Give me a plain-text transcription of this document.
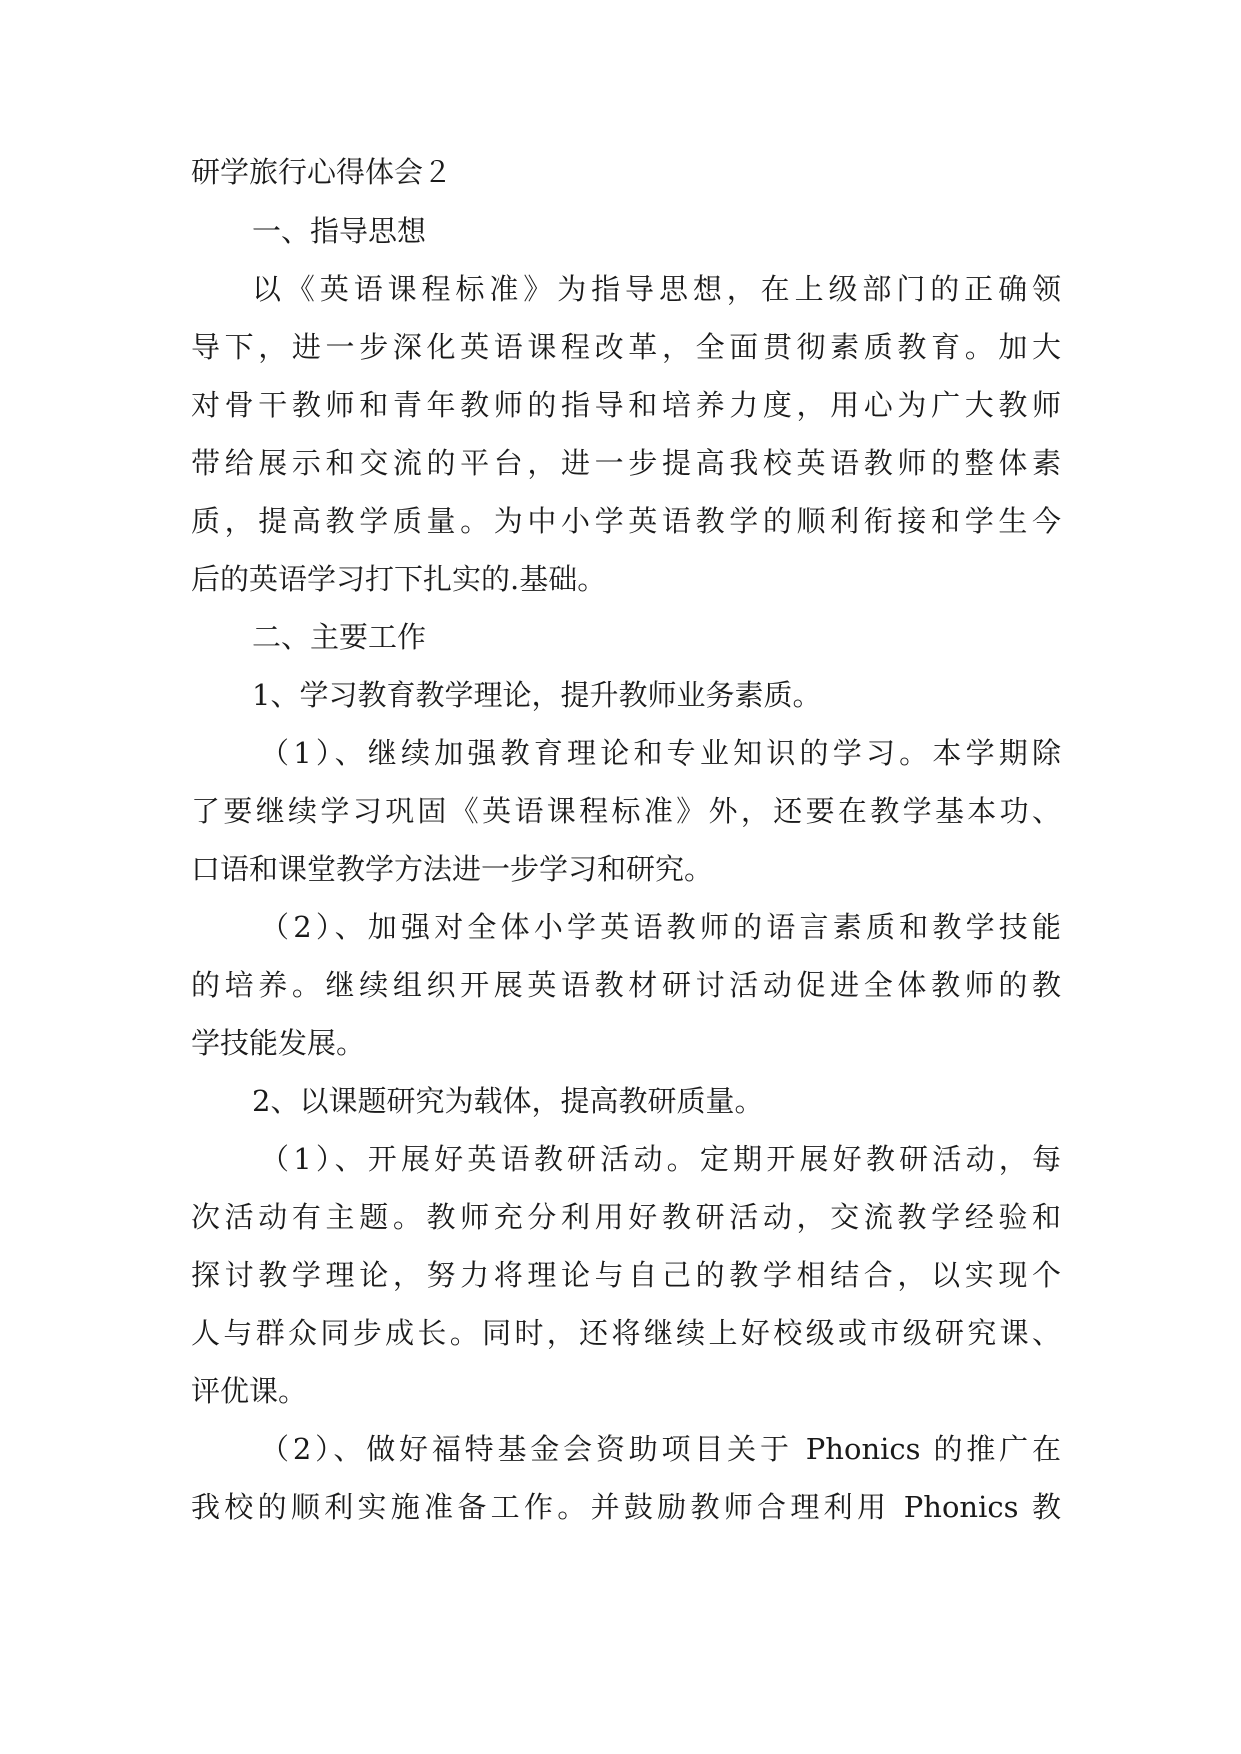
研学旅行心得体会２
一、指导思想
以《英语课程标准》为指导思想，在上级部门的正确领
导下，进一步深化英语课程改革，全面贯彻素质教育。加大
对骨干教师和青年教师的指导和培养力度，用心为广大教师
带给展示和交流的平台，进一步提高我校英语教师的整体素
质，提高教学质量。为中小学英语教学的顺利衔接和学生今
后的英语学习打下扎实的.基础。
二、主要工作
1、学习教育教学理论，提升教师业务素质。
（1）、继续加强教育理论和专业知识的学习。本学期除
了要继续学习巩固《英语课程标准》外，还要在教学基本功、
口语和课堂教学方法进一步学习和研究。
（2）、加强对全体小学英语教师的语言素质和教学技能
的培养。继续组织开展英语教材研讨活动促进全体教师的教
学技能发展。
2、以课题研究为载体，提高教研质量。
（1）、开展好英语教研活动。定期开展好教研活动，每
次活动有主题。教师充分利用好教研活动，交流教学经验和
探讨教学理论，努力将理论与自己的教学相结合，以实现个
人与群众同步成长。同时，还将继续上好校级或市级研究课、
评优课。
（2）、做好福特基金会资助项目关于 Phonics 的推广在
我校的顺利实施准备工作。并鼓励教师合理利用 Phonics 教
